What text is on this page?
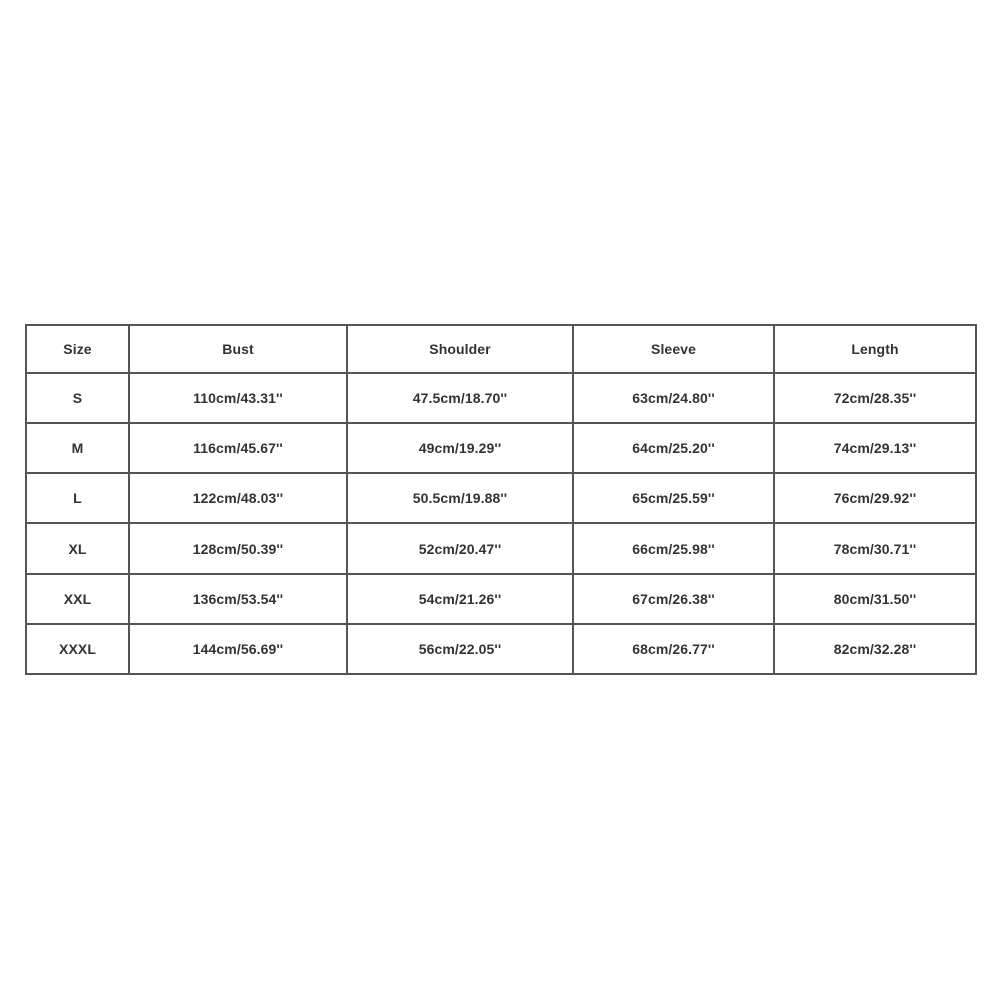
Size	Bust	Shoulder	Sleeve	Length
S	110cm/43.31''	47.5cm/18.70''	63cm/24.80''	72cm/28.35''
M	116cm/45.67''	49cm/19.29''	64cm/25.20''	74cm/29.13''
L	122cm/48.03''	50.5cm/19.88''	65cm/25.59''	76cm/29.92''
XL	128cm/50.39''	52cm/20.47''	66cm/25.98''	78cm/30.71''
XXL	136cm/53.54''	54cm/21.26''	67cm/26.38''	80cm/31.50''
XXXL	144cm/56.69''	56cm/22.05''	68cm/26.77''	82cm/32.28''
